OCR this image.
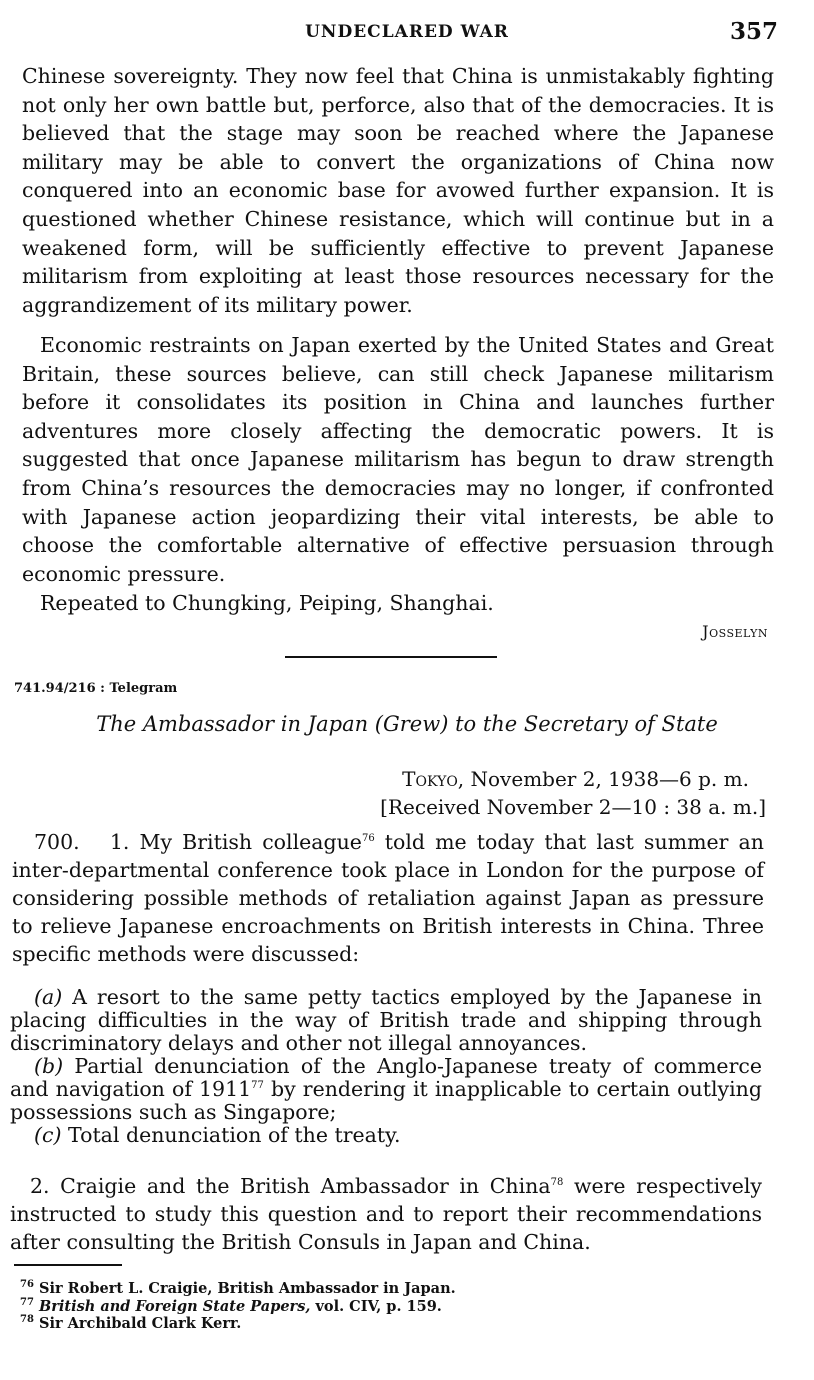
UNDECLARED WAR	357

Chinese sovereignty. They now feel that China is unmistakably fighting not only her own battle but, perforce, also that of the democracies. It is believed that the stage may soon be reached where the Japanese military may be able to convert the organizations of China now conquered into an economic base for avowed further expansion. It is questioned whether Chinese resistance, which will continue but in a weakened form, will be sufficiently effective to prevent Japanese militarism from exploiting at least those resources necessary for the aggrandizement of its military power.

Economic restraints on Japan exerted by the United States and Great Britain, these sources believe, can still check Japanese militarism before it consolidates its position in China and launches further adventures more closely affecting the democratic powers. It is suggested that once Japanese militarism has begun to draw strength from China’s resources the democracies may no longer, if confronted with Japanese action jeopardizing their vital interests, be able to choose the comfortable alternative of effective persuasion through economic pressure.

Repeated to Chungking, Peiping, Shanghai.

Josselyn

741.94/216 : Telegram

The Ambassador in Japan (Grew) to the Secretary of State

Tokyo, November 2, 1938—6 p. m.
[Received November 2—10 : 38 a. m.]

700. 1. My British colleague$^{76}$ told me today that last summer an inter-departmental conference took place in London for the purpose of considering possible methods of retaliation against Japan as pressure to relieve Japanese encroachments on British interests in China. Three specific methods were discussed:

(a) A resort to the same petty tactics employed by the Japanese in placing difficulties in the way of British trade and shipping through discriminatory delays and other not illegal annoyances.

(b) Partial denunciation of the Anglo-Japanese treaty of commerce and navigation of 1911$^{77}$ by rendering it inapplicable to certain outlying possessions such as Singapore;

(c) Total denunciation of the treaty.

2. Craigie and the British Ambassador in China$^{78}$ were respectively instructed to study this question and to report their recommendations after consulting the British Consuls in Japan and China.

$^{76}$ Sir Robert L. Craigie, British Ambassador in Japan.
$^{77}$ British and Foreign State Papers, vol. CIV, p. 159.
$^{78}$ Sir Archibald Clark Kerr.
